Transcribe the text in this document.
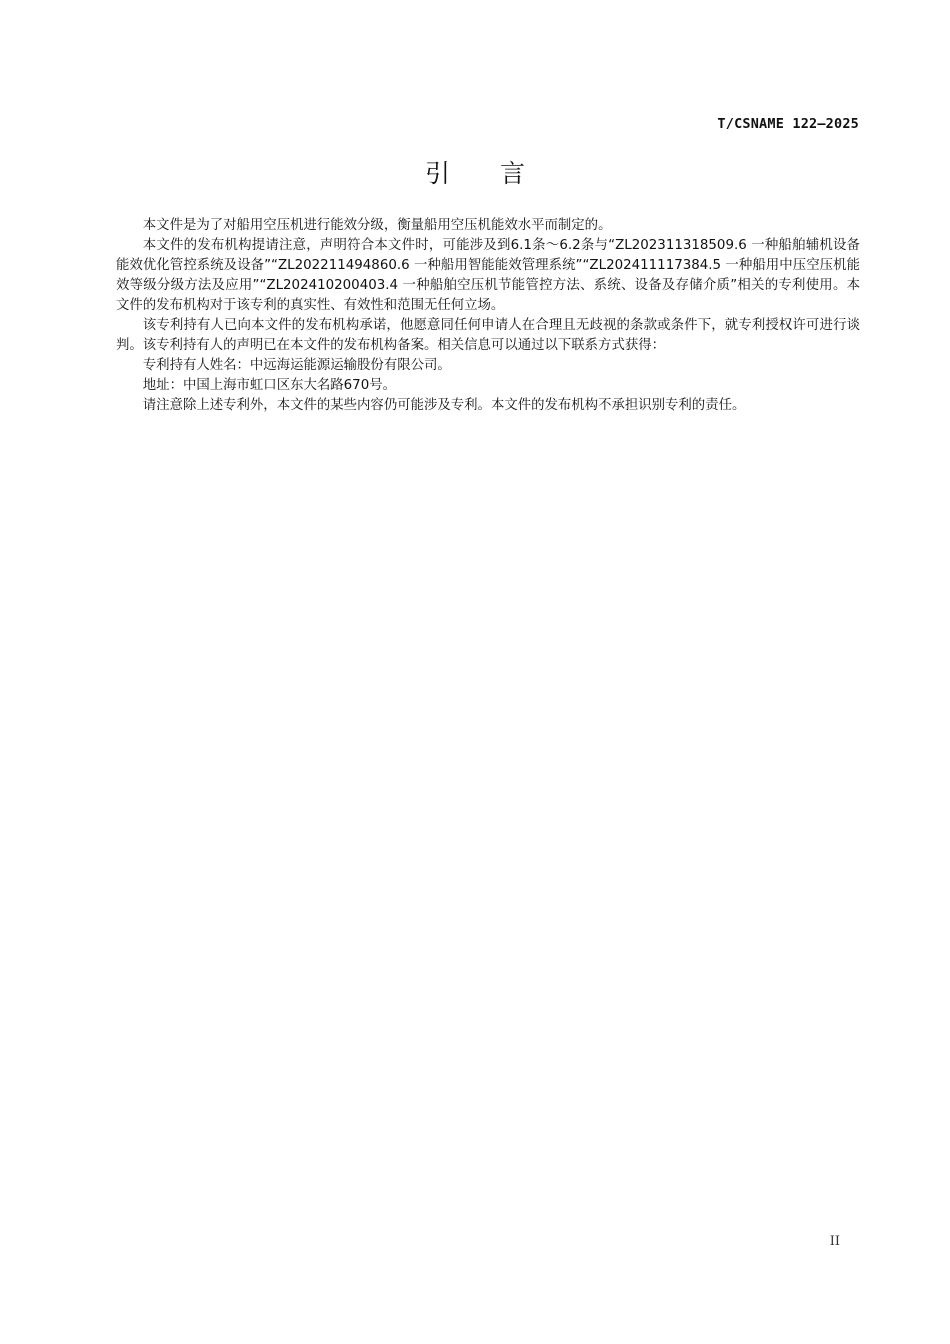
T/CSNAME 122—2025
引 言

本文件是为了对船用空压机进行能效分级，衡量船用空压机能效水平而制定的。

本文件的发布机构提请注意，声明符合本文件时，可能涉及到6.1条～6.2条与“ZL202311318509.6 一种船舶辅机设备能效优化管控系统及设备”“ZL202211494860.6 一种船用智能能效管理系统”“ZL202411117384.5 一种船用中压空压机能效等级分级方法及应用”“ZL202410200403.4 一种船舶空压机节能管控方法、系统、设备及存储介质”相关的专利使用。本文件的发布机构对于该专利的真实性、有效性和范围无任何立场。

该专利持有人已向本文件的发布机构承诺，他愿意同任何申请人在合理且无歧视的条款或条件下，就专利授权许可进行谈判。该专利持有人的声明已在本文件的发布机构备案。相关信息可以通过以下联系方式获得：

专利持有人姓名：中远海运能源运输股份有限公司。

地址：中国上海市虹口区东大名路670号。

请注意除上述专利外，本文件的某些内容仍可能涉及专利。本文件的发布机构不承担识别专利的责任。

II
